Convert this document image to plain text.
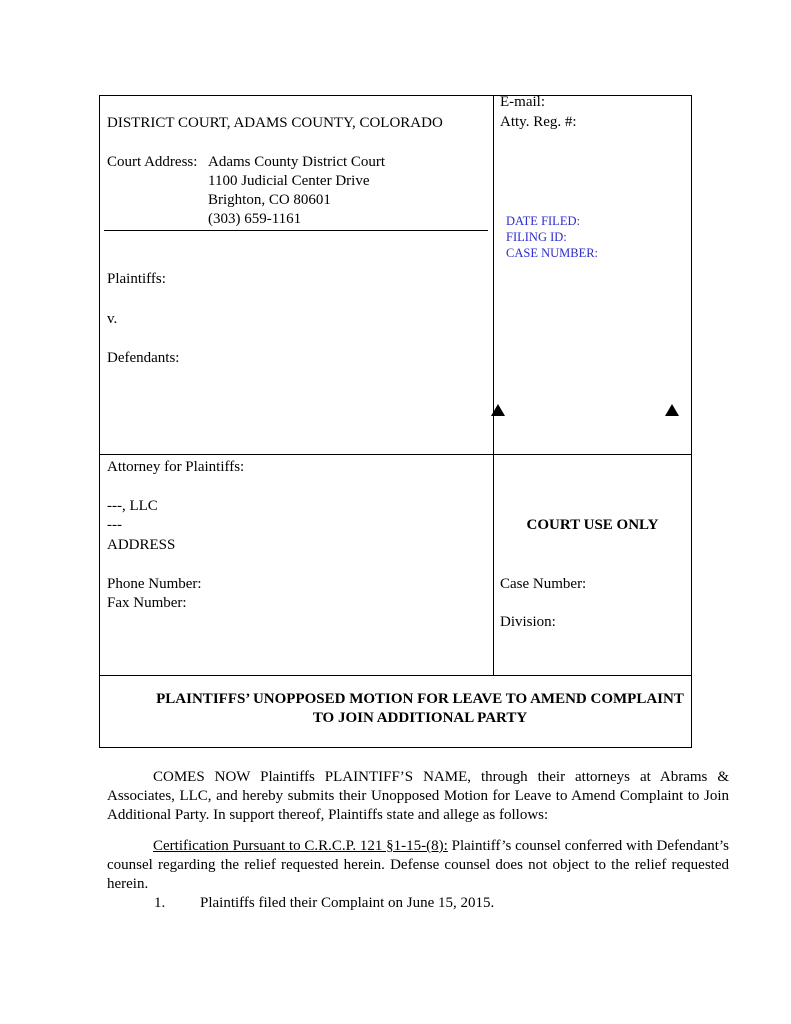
DISTRICT COURT, ADAMS COUNTY, COLORADO
Court Address: Adams County District Court
1100 Judicial Center Drive
Brighton, CO 80601
(303) 659-1161
Plaintiffs:
v.
Defendants:
E-mail:
Atty. Reg. #:
DATE FILED:
FILING ID:
CASE NUMBER:
Attorney for Plaintiffs:
---, LLC
---
ADDRESS
Phone Number:
Fax Number:
COURT USE ONLY
Case Number:
Division:
PLAINTIFFS’ UNOPPOSED MOTION FOR LEAVE TO AMEND COMPLAINT
TO JOIN ADDITIONAL PARTY
COMES NOW Plaintiffs PLAINTIFF’S NAME, through their attorneys at Abrams & Associates, LLC, and hereby submits their Unopposed Motion for Leave to Amend Complaint to Join Additional Party. In support thereof, Plaintiffs state and allege as follows:
Certification Pursuant to C.R.C.P. 121 §1-15-(8): Plaintiff’s counsel conferred with Defendant’s counsel regarding the relief requested herein. Defense counsel does not object to the relief requested herein.
1. Plaintiffs filed their Complaint on June 15, 2015.
